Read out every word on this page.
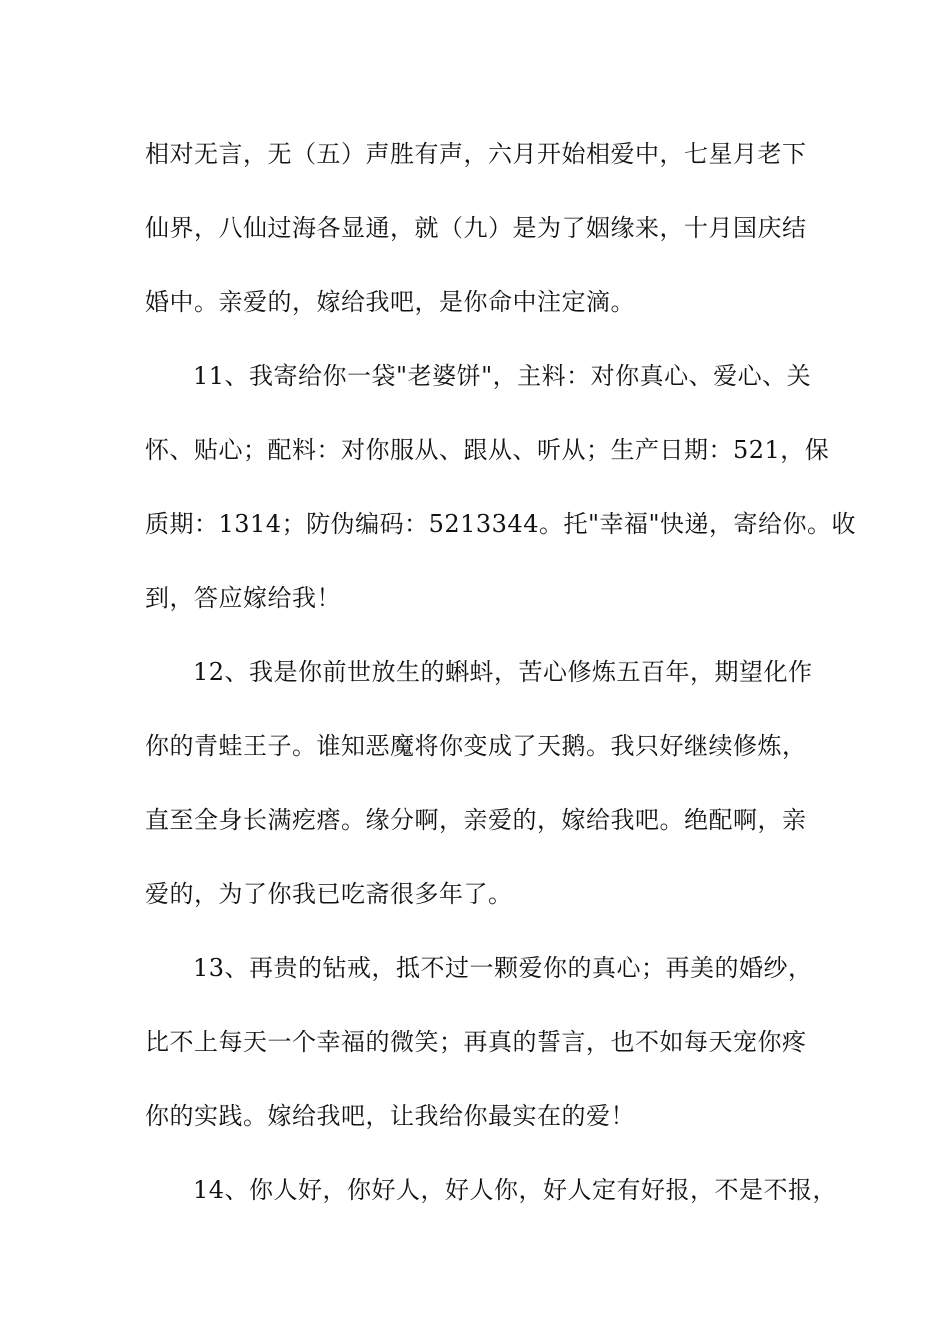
相对无言，无（五）声胜有声，六月开始相爱中，七星月老下
仙界，八仙过海各显通，就（九）是为了姻缘来，十月国庆结
婚中。亲爱的，嫁给我吧，是你命中注定滴。
11、我寄给你一袋"老婆饼"，主料：对你真心、爱心、关
怀、贴心；配料：对你服从、跟从、听从；生产日期：521，保
质期：1314；防伪编码：5213344。托"幸福"快递，寄给你。收
到，答应嫁给我！
12、我是你前世放生的蝌蚪，苦心修炼五百年，期望化作
你的青蛙王子。谁知恶魔将你变成了天鹅。我只好继续修炼，
直至全身长满疙瘩。缘分啊，亲爱的，嫁给我吧。绝配啊，亲
爱的，为了你我已吃斋很多年了。
13、再贵的钻戒，抵不过一颗爱你的真心；再美的婚纱，
比不上每天一个幸福的微笑；再真的誓言，也不如每天宠你疼
你的实践。嫁给我吧，让我给你最实在的爱！
14、你人好，你好人，好人你，好人定有好报，不是不报，
